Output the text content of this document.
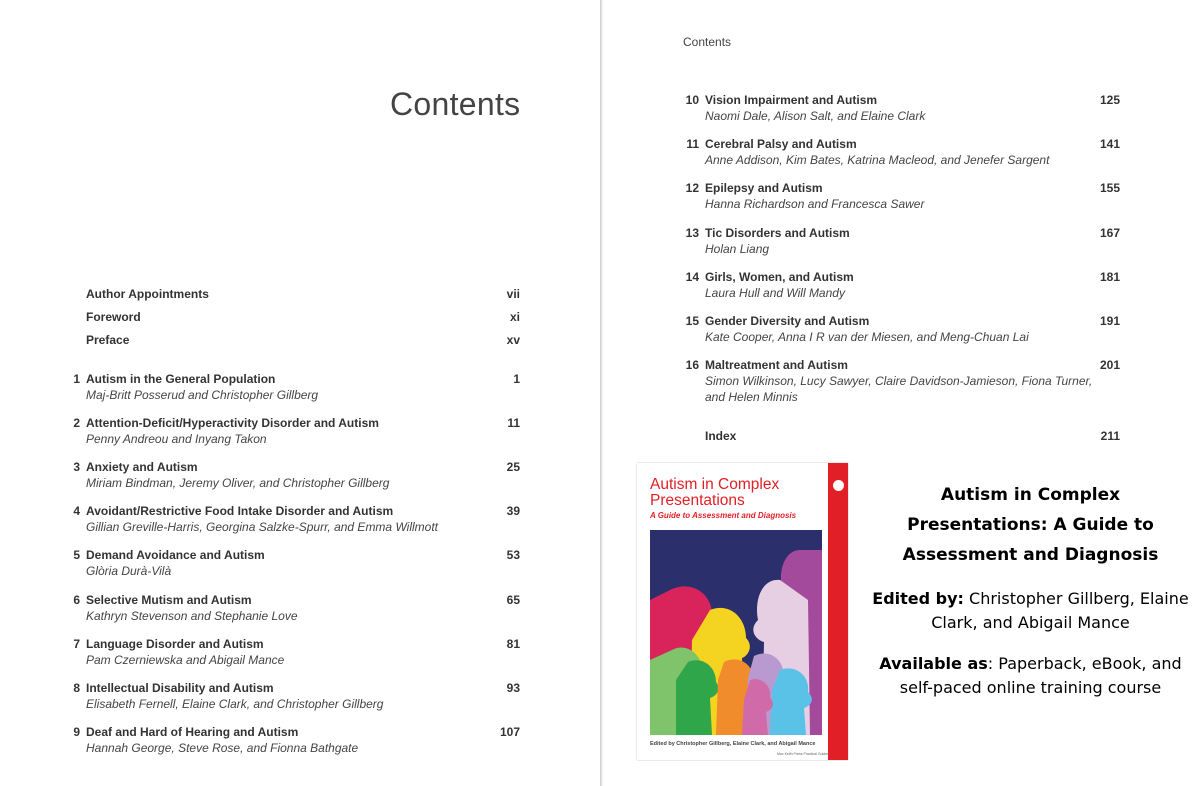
Contents
Author Appointments	vii
Foreword	xi
Preface	xv
1 Autism in the General Population	1
Maj-Britt Posserud and Christopher Gillberg
2 Attention-Deficit/Hyperactivity Disorder and Autism	11
Penny Andreou and Inyang Takon
3 Anxiety and Autism	25
Miriam Bindman, Jeremy Oliver, and Christopher Gillberg
4 Avoidant/Restrictive Food Intake Disorder and Autism	39
Gillian Greville-Harris, Georgina Salzke-Spurr, and Emma Willmott
5 Demand Avoidance and Autism	53
Glòria Durà-Vilà
6 Selective Mutism and Autism	65
Kathryn Stevenson and Stephanie Love
7 Language Disorder and Autism	81
Pam Czerniewska and Abigail Mance
8 Intellectual Disability and Autism	93
Elisabeth Fernell, Elaine Clark, and Christopher Gillberg
9 Deaf and Hard of Hearing and Autism	107
Hannah George, Steve Rose, and Fionna Bathgate
Contents
10 Vision Impairment and Autism	125
Naomi Dale, Alison Salt, and Elaine Clark
11 Cerebral Palsy and Autism	141
Anne Addison, Kim Bates, Katrina Macleod, and Jenefer Sargent
12 Epilepsy and Autism	155
Hanna Richardson and Francesca Sawer
13 Tic Disorders and Autism	167
Holan Liang
14 Girls, Women, and Autism	181
Laura Hull and Will Mandy
15 Gender Diversity and Autism	191
Kate Cooper, Anna I R van der Miesen, and Meng-Chuan Lai
16 Maltreatment and Autism	201
Simon Wilkinson, Lucy Sawyer, Claire Davidson-Jamieson, Fiona Turner,
and Helen Minnis
Index	211
Autism in Complex
Presentations
A Guide to Assessment and Diagnosis
Edited by Christopher Gillberg, Elaine Clark, and Abigail Mance
Mac Keith Press Practical Guides
Autism in Complex Presentations: A Guide to Assessment and Diagnosis
Edited by: Christopher Gillberg, Elaine Clark, and Abigail Mance
Available as: Paperback, eBook, and self-paced online training course
